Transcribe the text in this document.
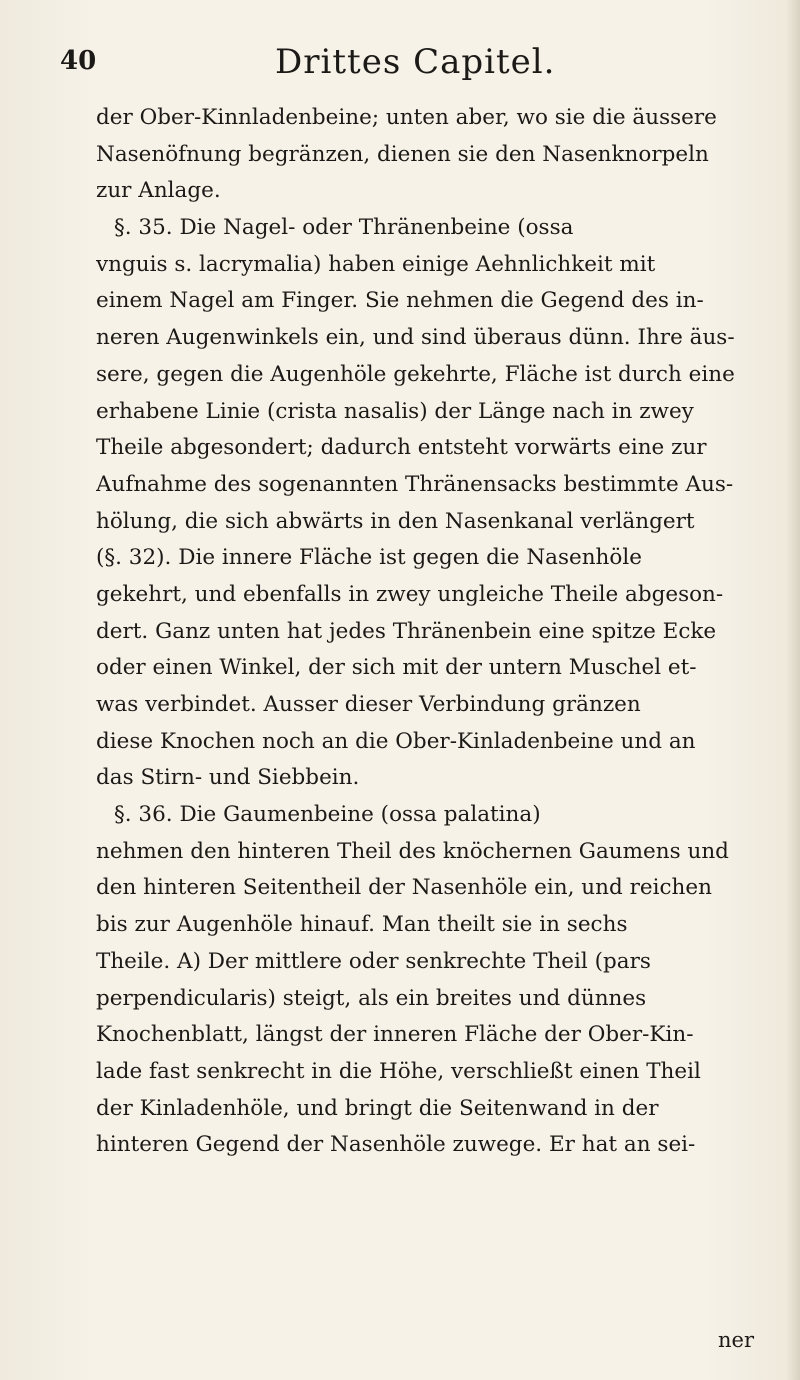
40	Drittes Capitel.
der Ober-Kinnladenbeine; unten aber, wo sie die äussere
Nasenöfnung begränzen, dienen sie den Nasenknorpeln
zur Anlage.
§. 35. Die Nagel- oder Thränenbeine (ossa
vnguis s. lacrymalia) haben einige Aehnlichkeit mit
einem Nagel am Finger. Sie nehmen die Gegend des in-
neren Augenwinkels ein, und sind überaus dünn. Ihre äus-
sere, gegen die Augenhöle gekehrte, Fläche ist durch eine
erhabene Linie (crista nasalis) der Länge nach in zwey
Theile abgesondert; dadurch entsteht vorwärts eine zur
Aufnahme des sogenannten Thränensacks bestimmte Aus-
hölung, die sich abwärts in den Nasenkanal verlängert
(§. 32). Die innere Fläche ist gegen die Nasenhöle
gekehrt, und ebenfalls in zwey ungleiche Theile abgeson-
dert. Ganz unten hat jedes Thränenbein eine spitze Ecke
oder einen Winkel, der sich mit der untern Muschel et-
was verbindet. Ausser dieser Verbindung gränzen
diese Knochen noch an die Ober-Kinladenbeine und an
das Stirn- und Siebbein.
§. 36. Die Gaumenbeine (ossa palatina)
nehmen den hinteren Theil des knöchernen Gaumens und
den hinteren Seitentheil der Nasenhöle ein, und reichen
bis zur Augenhöle hinauf. Man theilt sie in sechs
Theile. A) Der mittlere oder senkrechte Theil (pars
perpendicularis) steigt, als ein breites und dünnes
Knochenblatt, längst der inneren Fläche der Ober-Kin-
lade fast senkrecht in die Höhe, verschließt einen Theil
der Kinladenhöle, und bringt die Seitenwand in der
hinteren Gegend der Nasenhöle zuwege. Er hat an sei-
ner
